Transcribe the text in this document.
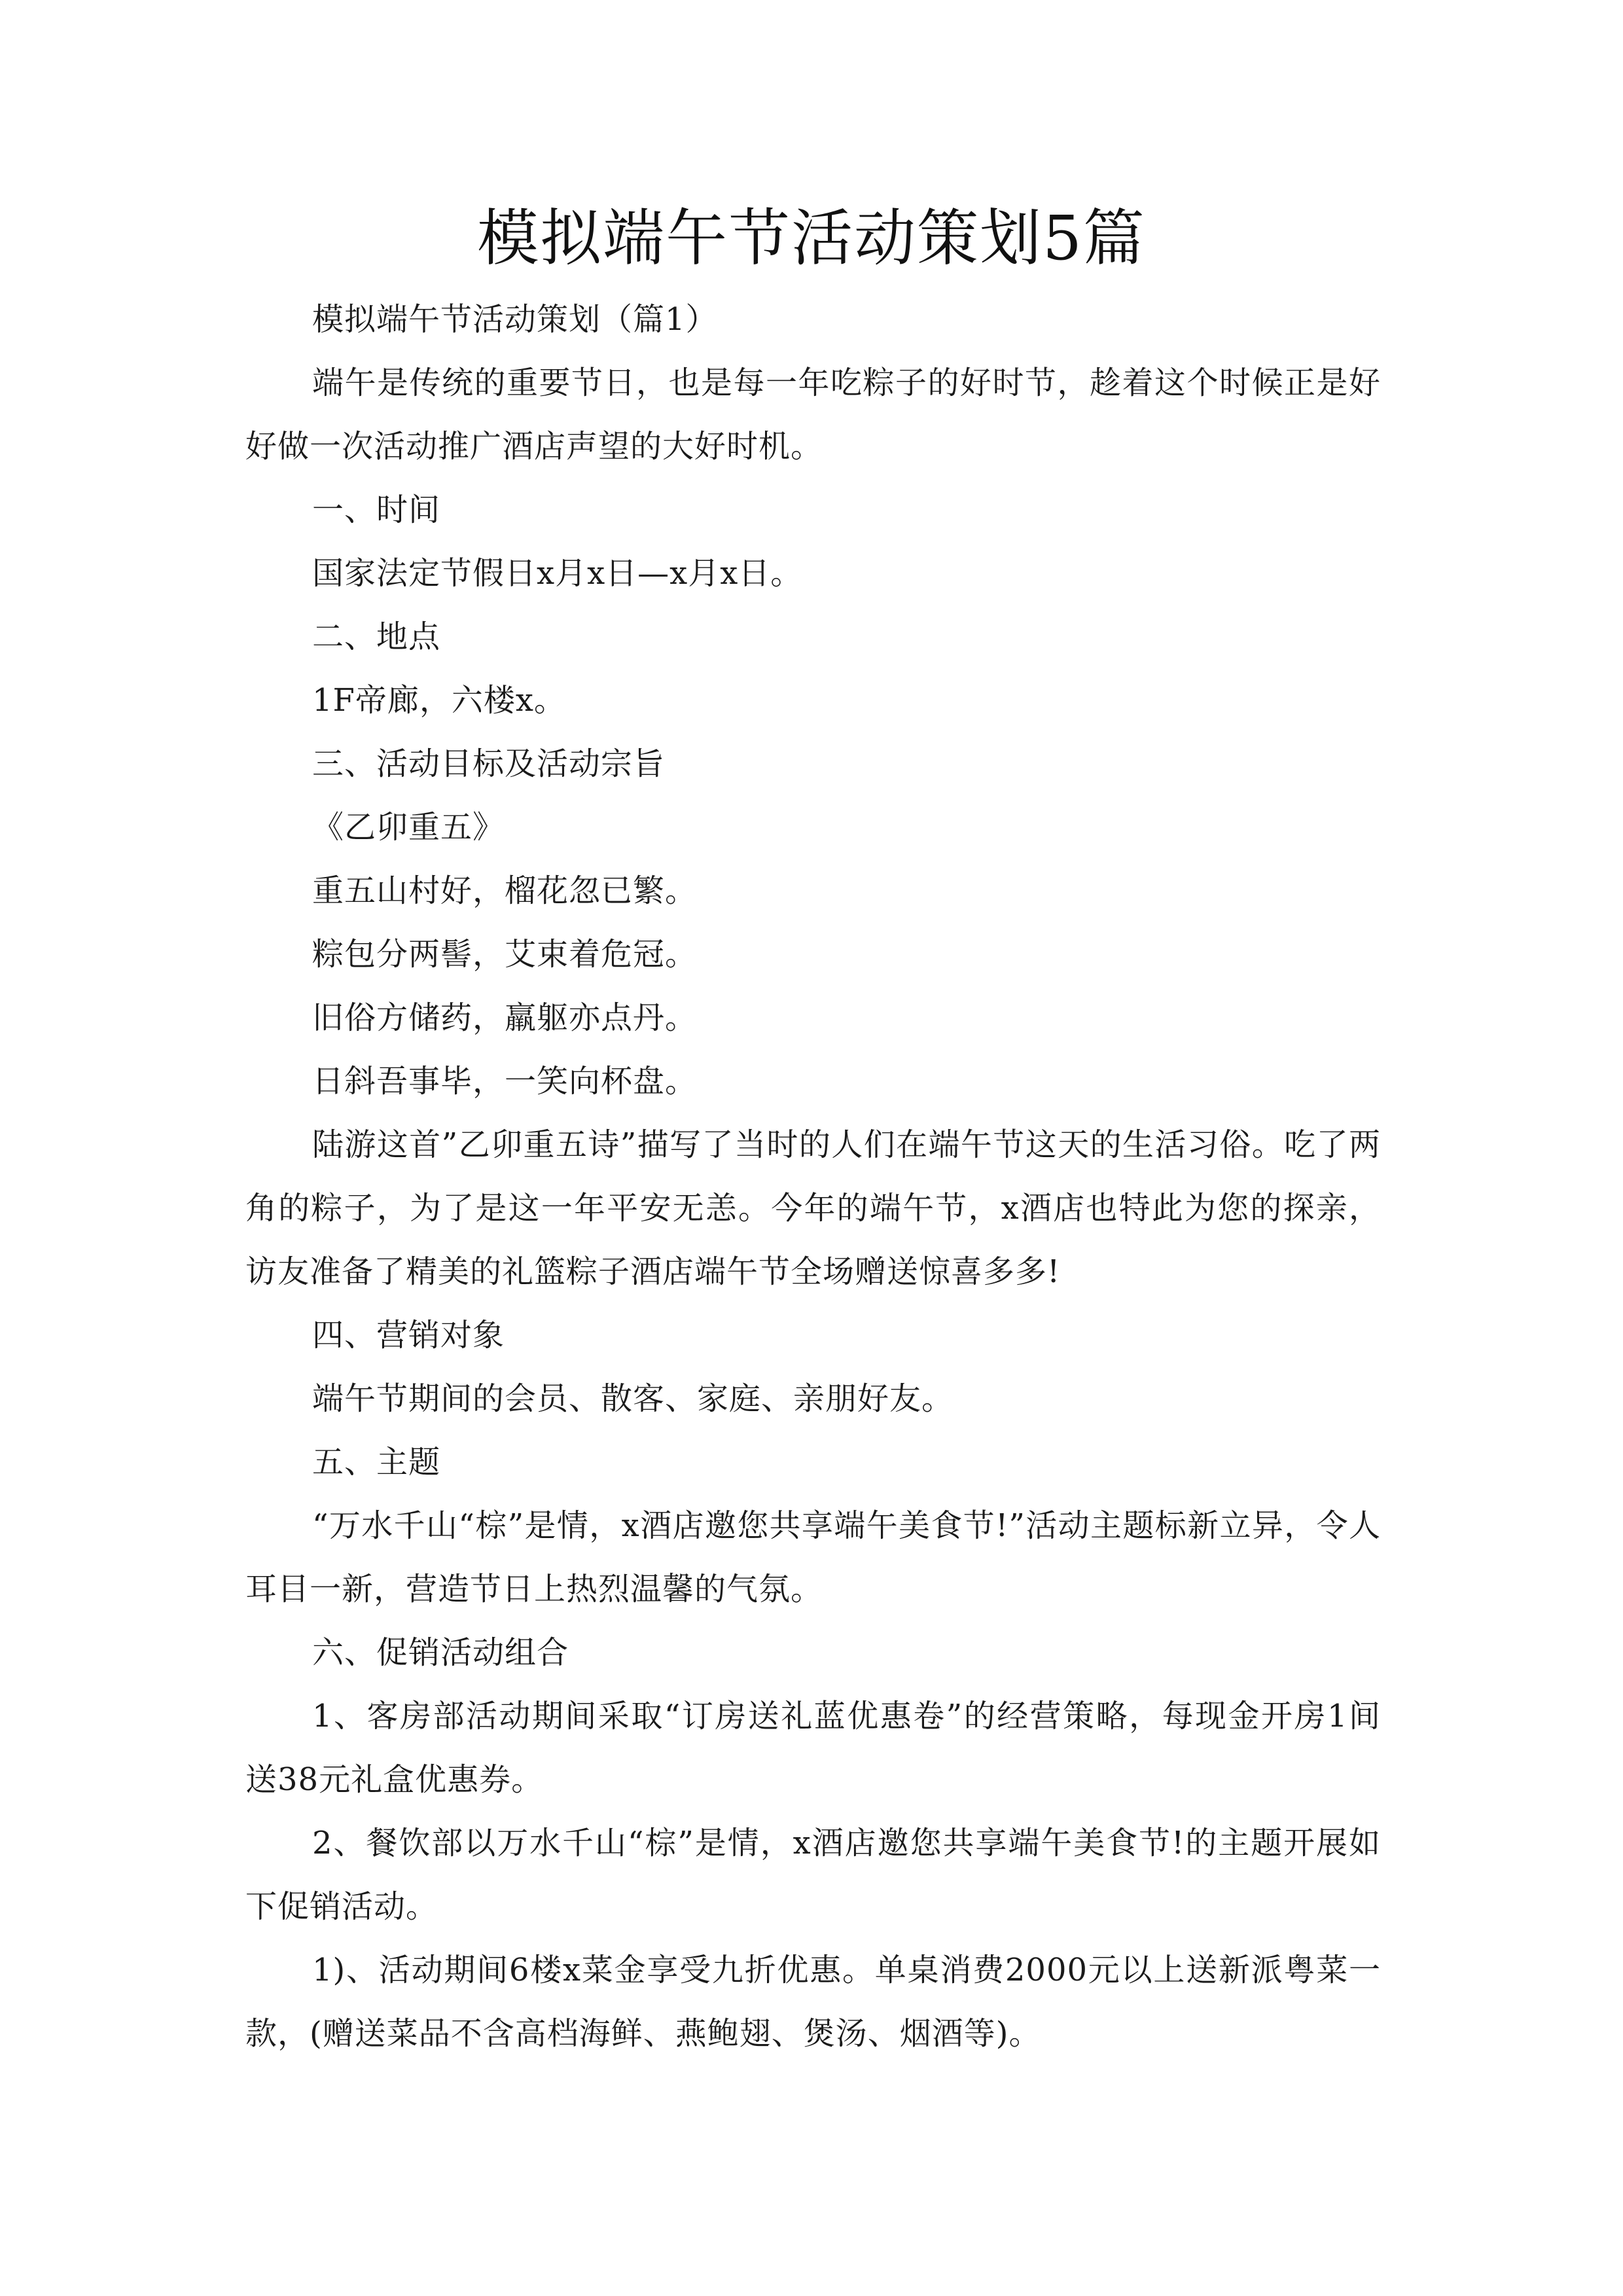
模拟端午节活动策划5篇

模拟端午节活动策划（篇1）

端午是传统的重要节日，也是每一年吃粽子的好时节，趁着这个时候正是好好做一次活动推广酒店声望的大好时机。

一、时间

国家法定节假日x月x日—x月x日。

二、地点

1F帝廊，六楼x。

三、活动目标及活动宗旨

《乙卯重五》

重五山村好，榴花忽已繁。

粽包分两髻，艾束着危冠。

旧俗方储药，羸躯亦点丹。

日斜吾事毕，一笑向杯盘。

陆游这首”乙卯重五诗”描写了当时的人们在端午节这天的生活习俗。吃了两角的粽子，为了是这一年平安无恙。今年的端午节，x酒店也特此为您的探亲，访友准备了精美的礼篮粽子酒店端午节全场赠送惊喜多多!

四、营销对象

端午节期间的会员、散客、家庭、亲朋好友。

五、主题

“万水千山“棕”是情，x酒店邀您共享端午美食节!”活动主题标新立异，令人耳目一新，营造节日上热烈温馨的气氛。

六、促销活动组合

1、客房部活动期间采取“订房送礼蓝优惠卷”的经营策略，每现金开房1间送38元礼盒优惠券。

2、餐饮部以万水千山“棕”是情，x酒店邀您共享端午美食节!的主题开展如下促销活动。

1)、活动期间6楼x菜金享受九折优惠。单桌消费2000元以上送新派粤菜一款，(赠送菜品不含高档海鲜、燕鲍翅、煲汤、烟酒等)。
